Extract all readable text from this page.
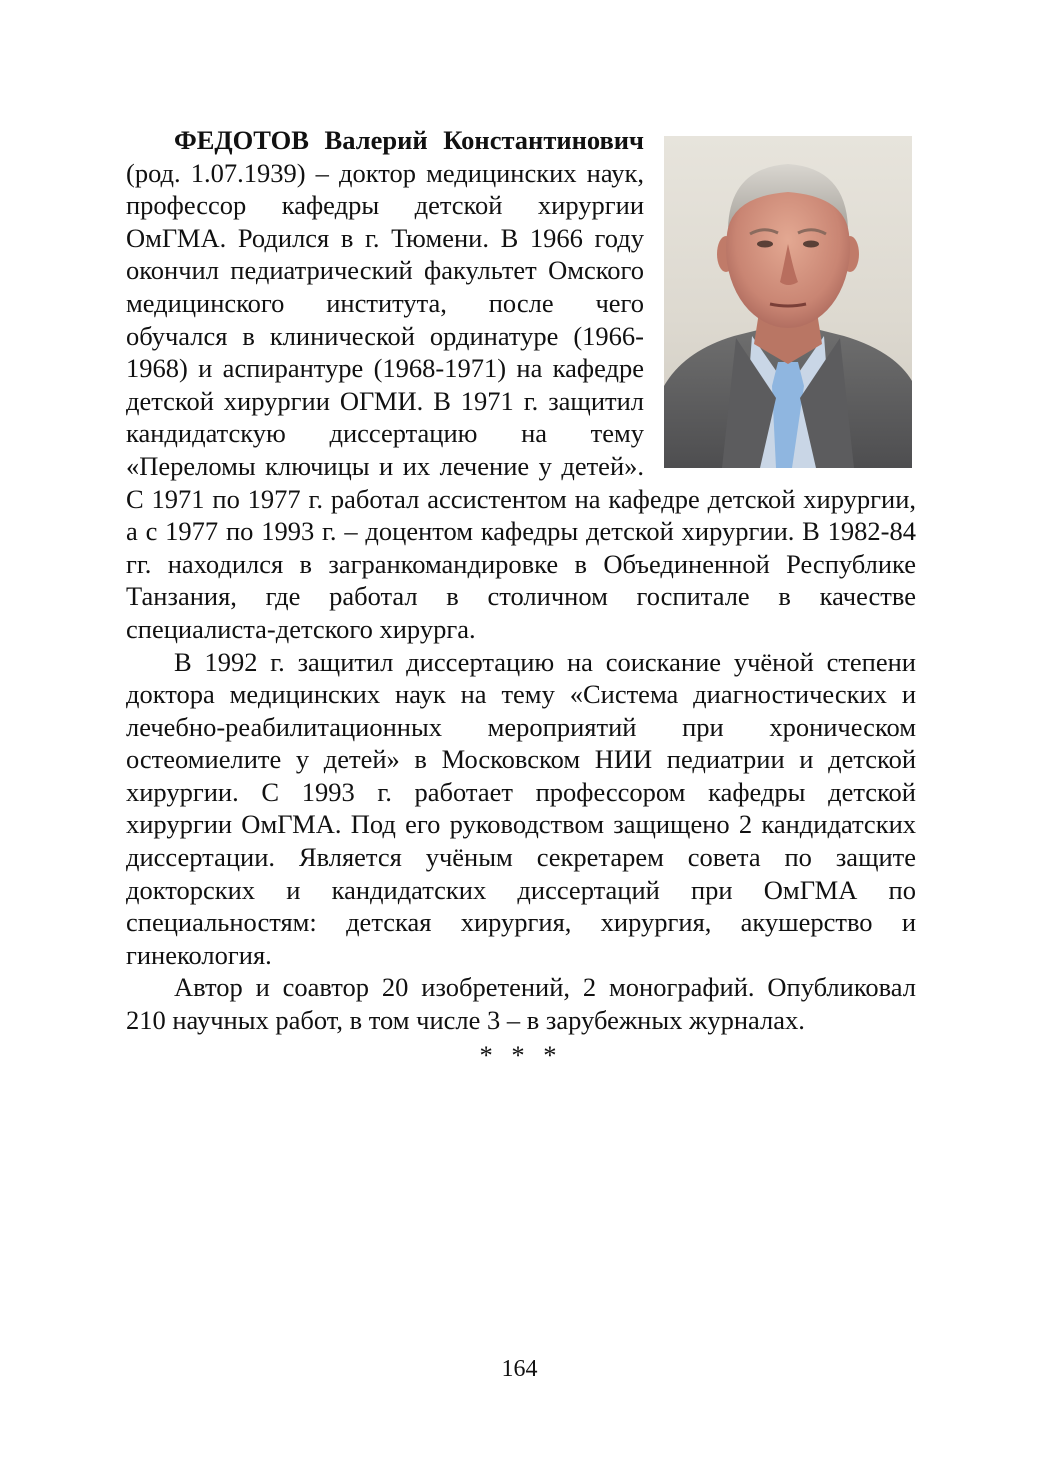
ФЕДОТОВ Валерий Константинович (род. 1.07.1939) – доктор медицинских наук, профессор кафедры детской хирургии ОмГМА. Родился в г. Тюмени. В 1966 году окончил педиатрический факультет Омского медицинского института, после чего обучался в клинической ординатуре (1966-1968) и аспирантуре (1968-1971) на кафедре детской хирургии ОГМИ. В 1971 г. защитил кандидатскую диссертацию на тему «Переломы ключицы и их лечение у детей». С 1971 по 1977 г. работал ассистентом на кафедре детской хирургии, а с 1977 по 1993 г. – доцентом кафедры детской хирургии. В 1982-84 гг. находился в загранкомандировке в Объединенной Республике Танзания, где работал в столичном госпитале в качестве специалиста-детского хирурга.

В 1992 г. защитил диссертацию на соискание учёной степени доктора медицинских наук на тему «Система диагностических и лечебно-реабилитационных мероприятий при хроническом остеомиелите у детей» в Московском НИИ педиатрии и детской хирургии. С 1993 г. работает профессором кафедры детской хирургии ОмГМА. Под его руководством защищено 2 кандидатских диссертации. Является учёным секретарем совета по защите докторских и кандидатских диссертаций при ОмГМА по специальностям: детская хирургия, хирургия, акушерство и гинекология.

Автор и соавтор 20 изобретений, 2 монографий. Опубликовал 210 научных работ, в том числе 3 – в зарубежных журналах.

* * *

164
